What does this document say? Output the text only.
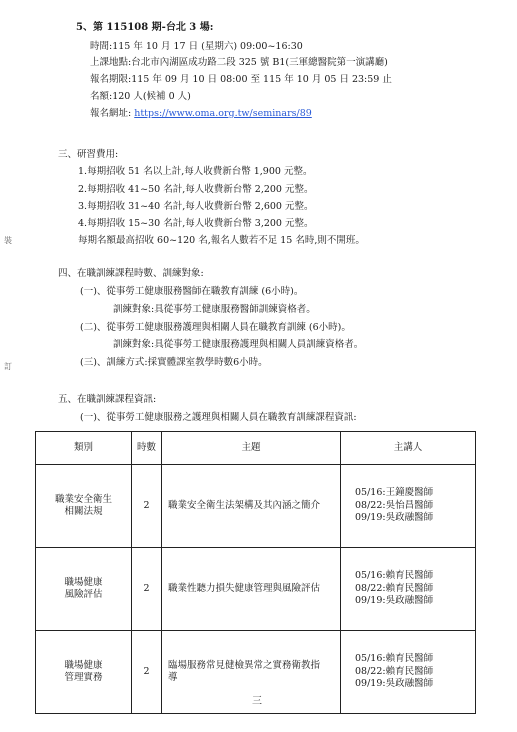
裝
訂
5、第 115108 期-台北 3 場:
時間:115 年 10 月 17 日 (星期六) 09:00~16:30
上課地點:台北市內湖區成功路二段 325 號 B1(三軍總醫院第一演講廳)
報名期限:115 年 09 月 10 日 08:00 至 115 年 10 月 05 日 23:59 止
名額:120 人(候補 0 人)
報名網址: https://www.oma.org.tw/seminars/89
三、研習費用:
1.每期招收 51 名以上計,每人收費新台幣 1,900 元整。
2.每期招收 41~50 名計,每人收費新台幣 2,200 元整。
3.每期招收 31~40 名計,每人收費新台幣 2,600 元整。
4.每期招收 15~30 名計,每人收費新台幣 3,200 元整。
每期名額最高招收 60~120 名,報名人數若不足 15 名時,則不開班。
四、在職訓練課程時數、訓練對象:
(一)、從事勞工健康服務醫師在職教育訓練 (6小時)。
訓練對象:具從事勞工健康服務醫師訓練資格者。
(二)、從事勞工健康服務護理與相關人員在職教育訓練 (6小時)。
訓練對象:具從事勞工健康服務護理與相關人員訓練資格者。
(三)、訓練方式:採實體課室教學時數6小時。
五、在職訓練課程資訊:
(一)、從事勞工健康服務之護理與相關人員在職教育訓練課程資訊:
類別	時數	主題	主講人

職業安全衛生
相關法規	2	職業安全衛生法架構及其內涵之簡介	05/16:王鐘慶醫師
08/22:吳怡昌醫師
09/19:吳政融醫師

職場健康
風險評估	2	職業性聽力損失健康管理與風險評估	05/16:賴育民醫師
08/22:賴育民醫師
09/19:吳政融醫師

職場健康
管理實務	2	臨場服務常見健檢異常之實務衛教指
導	05/16:賴育民醫師
08/22:賴育民醫師
09/19:吳政融醫師
三
